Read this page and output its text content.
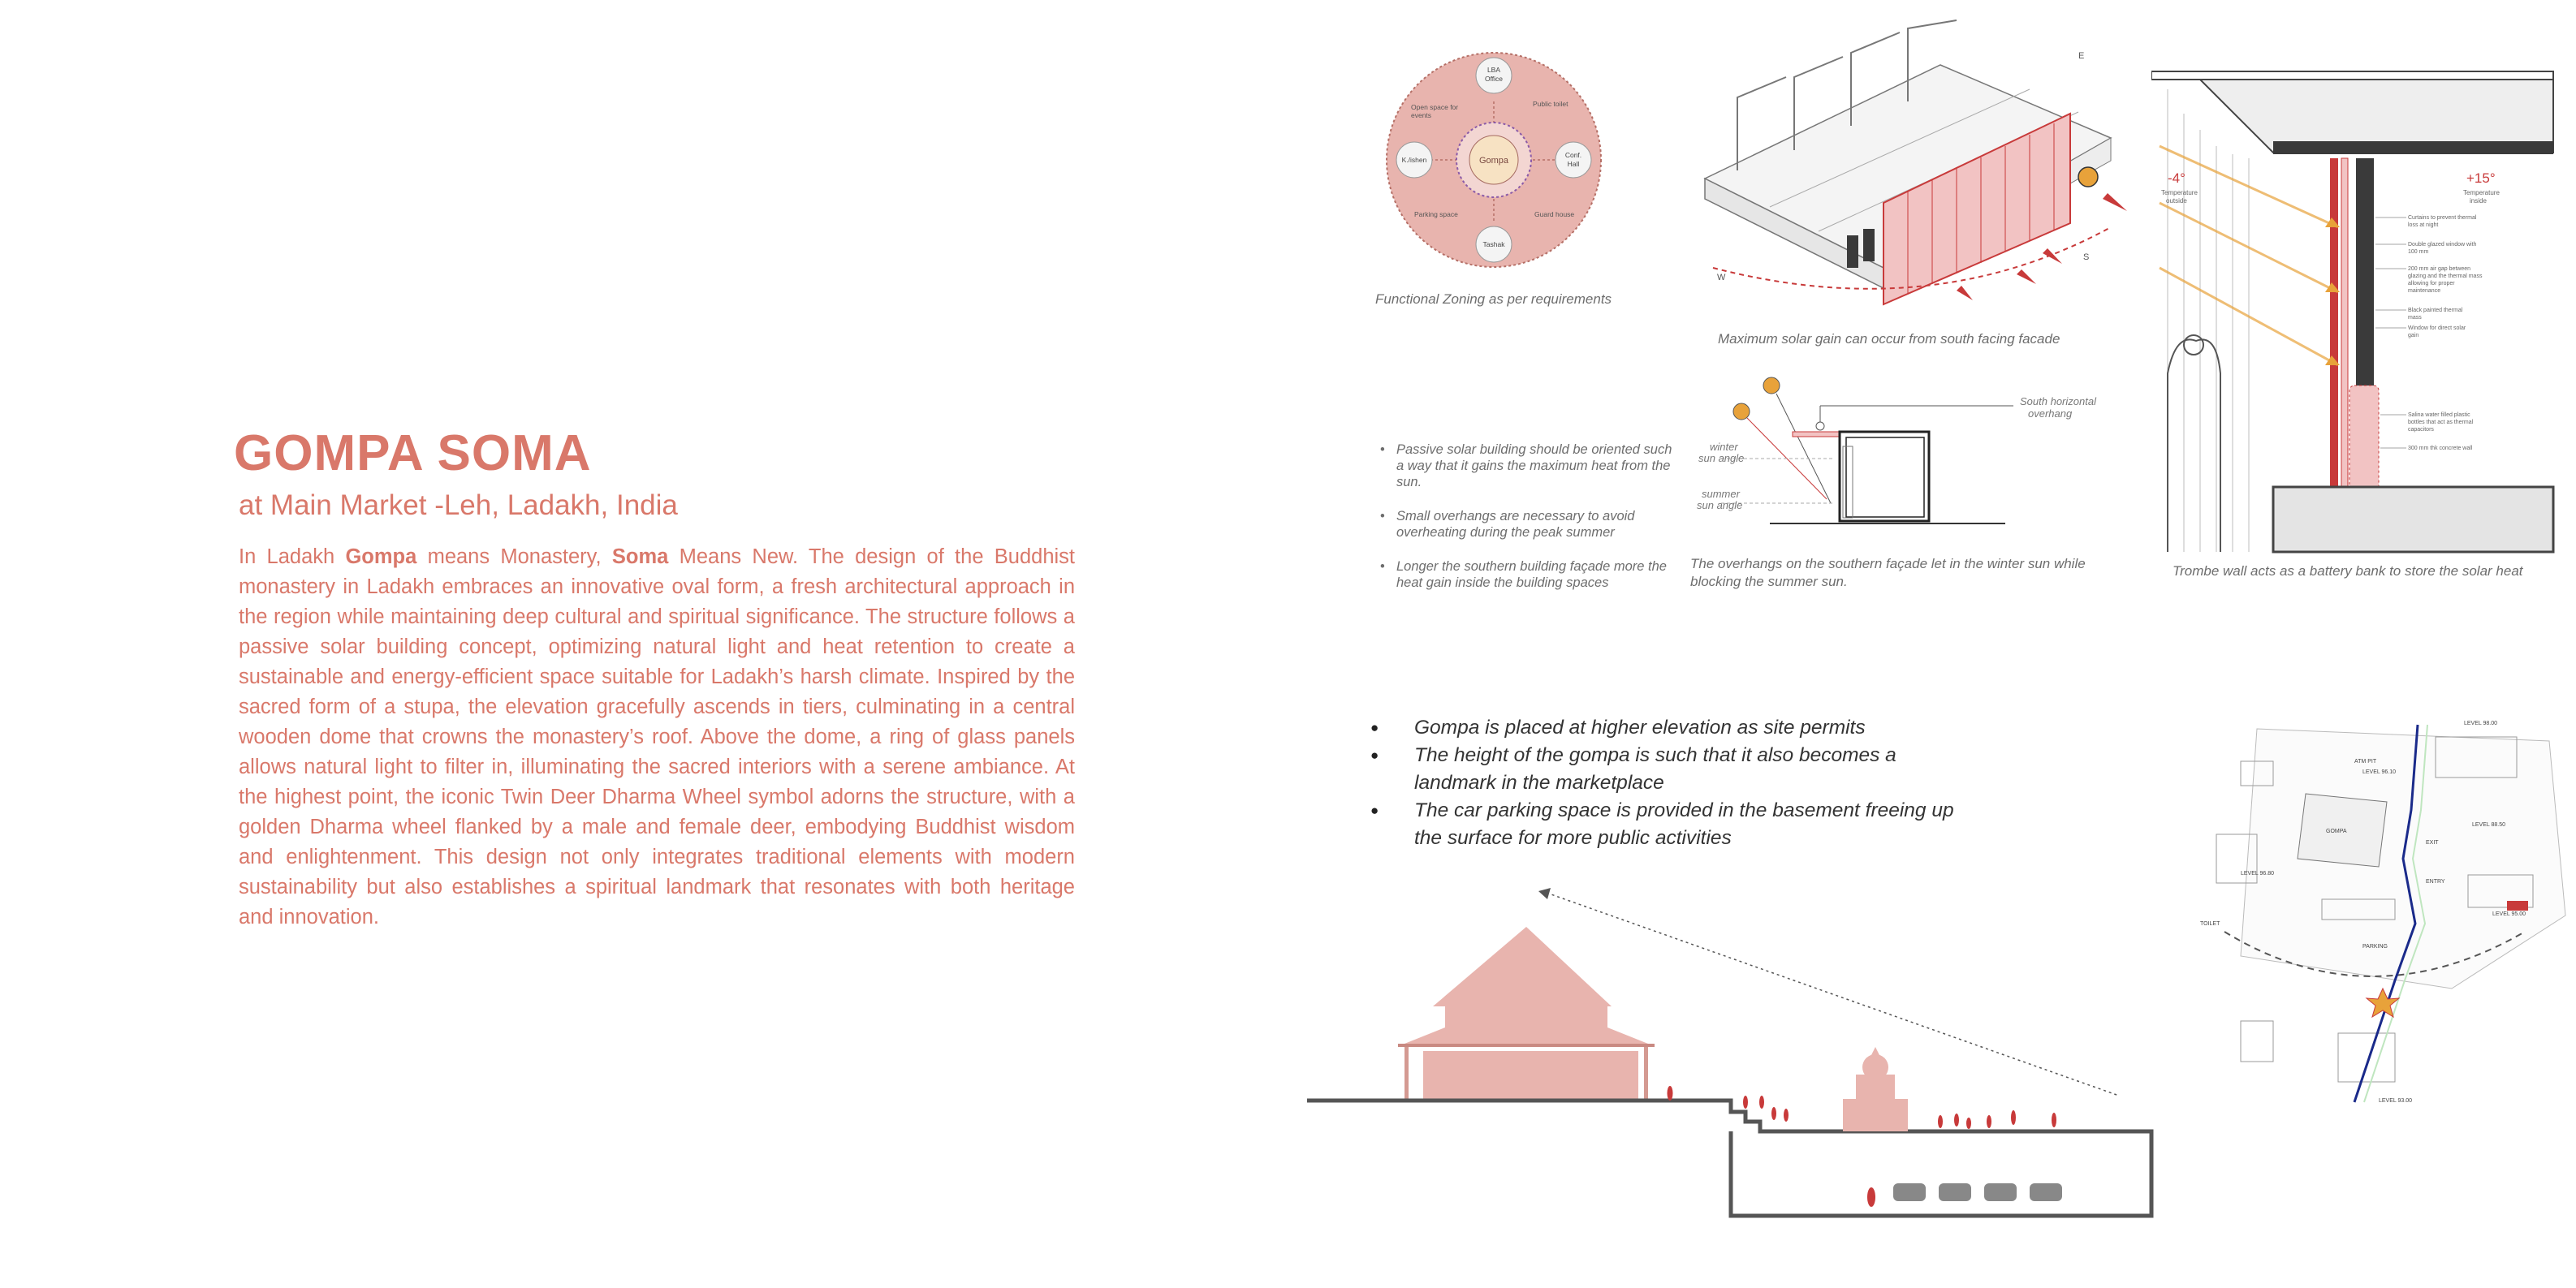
GOMPA SOMA
at Main Market -Leh, Ladakh, India
In Ladakh Gompa means Monastery, Soma Means New. The design of the Buddhist monastery in Ladakh embraces an innovative oval form, a fresh architectural approach in the region while maintaining deep cultural and spiritual significance. The structure follows a passive solar building concept, optimizing natural light and heat retention to create a sustainable and energy-efficient space suitable for Ladakh’s harsh climate. Inspired by the sacred form of a stupa, the elevation gracefully ascends in tiers, culminating in a central wooden dome that crowns the monastery’s roof. Above the dome, a ring of glass panels allows natural light to filter in, illuminating the sacred interiors with a serene ambiance. At the highest point, the iconic Twin Deer Dharma Wheel symbol adorns the structure, with a golden Dharma wheel flanked by a male and female deer, embodying Buddhist wisdom and enlightenment. This design not only integrates traditional elements with modern sustainability but also establishes a spiritual landmark that resonates with both heritage and innovation.
Gompa
LBA
Office
K./ishen
Conf.
Hall
Tashak
Open space for
events
Public toilet
Parking space	Guard house
Functional Zoning as per requirements
W
S
E
Maximum solar gain can occur from south facing facade
-4°
Temperature
outside
+15°
Temperature
inside
Curtains to prevent thermal
loss at night
Double glazed window with
100 mm
200 mm air gap between
glazing and the thermal mass
allowing for proper
maintenance
Black painted thermal
mass
Window for direct solar
gain
Salina water filled plastic
bottles that act as thermal
capacitors
300 mm thk concrete wall
Trombe wall acts as a battery bank to store the solar heat
• Passive solar building should be oriented such a way that it gains the maximum heat from the sun.
• Small overhangs are necessary to avoid overheating during the peak summer
• Longer the southern building façade more the heat gain inside the building spaces
South horizontal
overhang
winter
sun angle
summer
sun angle
The overhangs on the southern façade let in the winter sun while blocking the summer sun.
● Gompa is placed at higher elevation as site permits
● The height of the gompa is such that it also becomes a landmark in the marketplace
● The car parking space is provided in the basement freeing up the surface for more public activities
LEVEL 98.00
LEVEL 96.10
LEVEL 96.80
LEVEL 95.00
LEVEL 93.00
ATM PIT
GOMPA
PARKING
TOILET
LEVEL 88.50
ENTRY
EXIT
